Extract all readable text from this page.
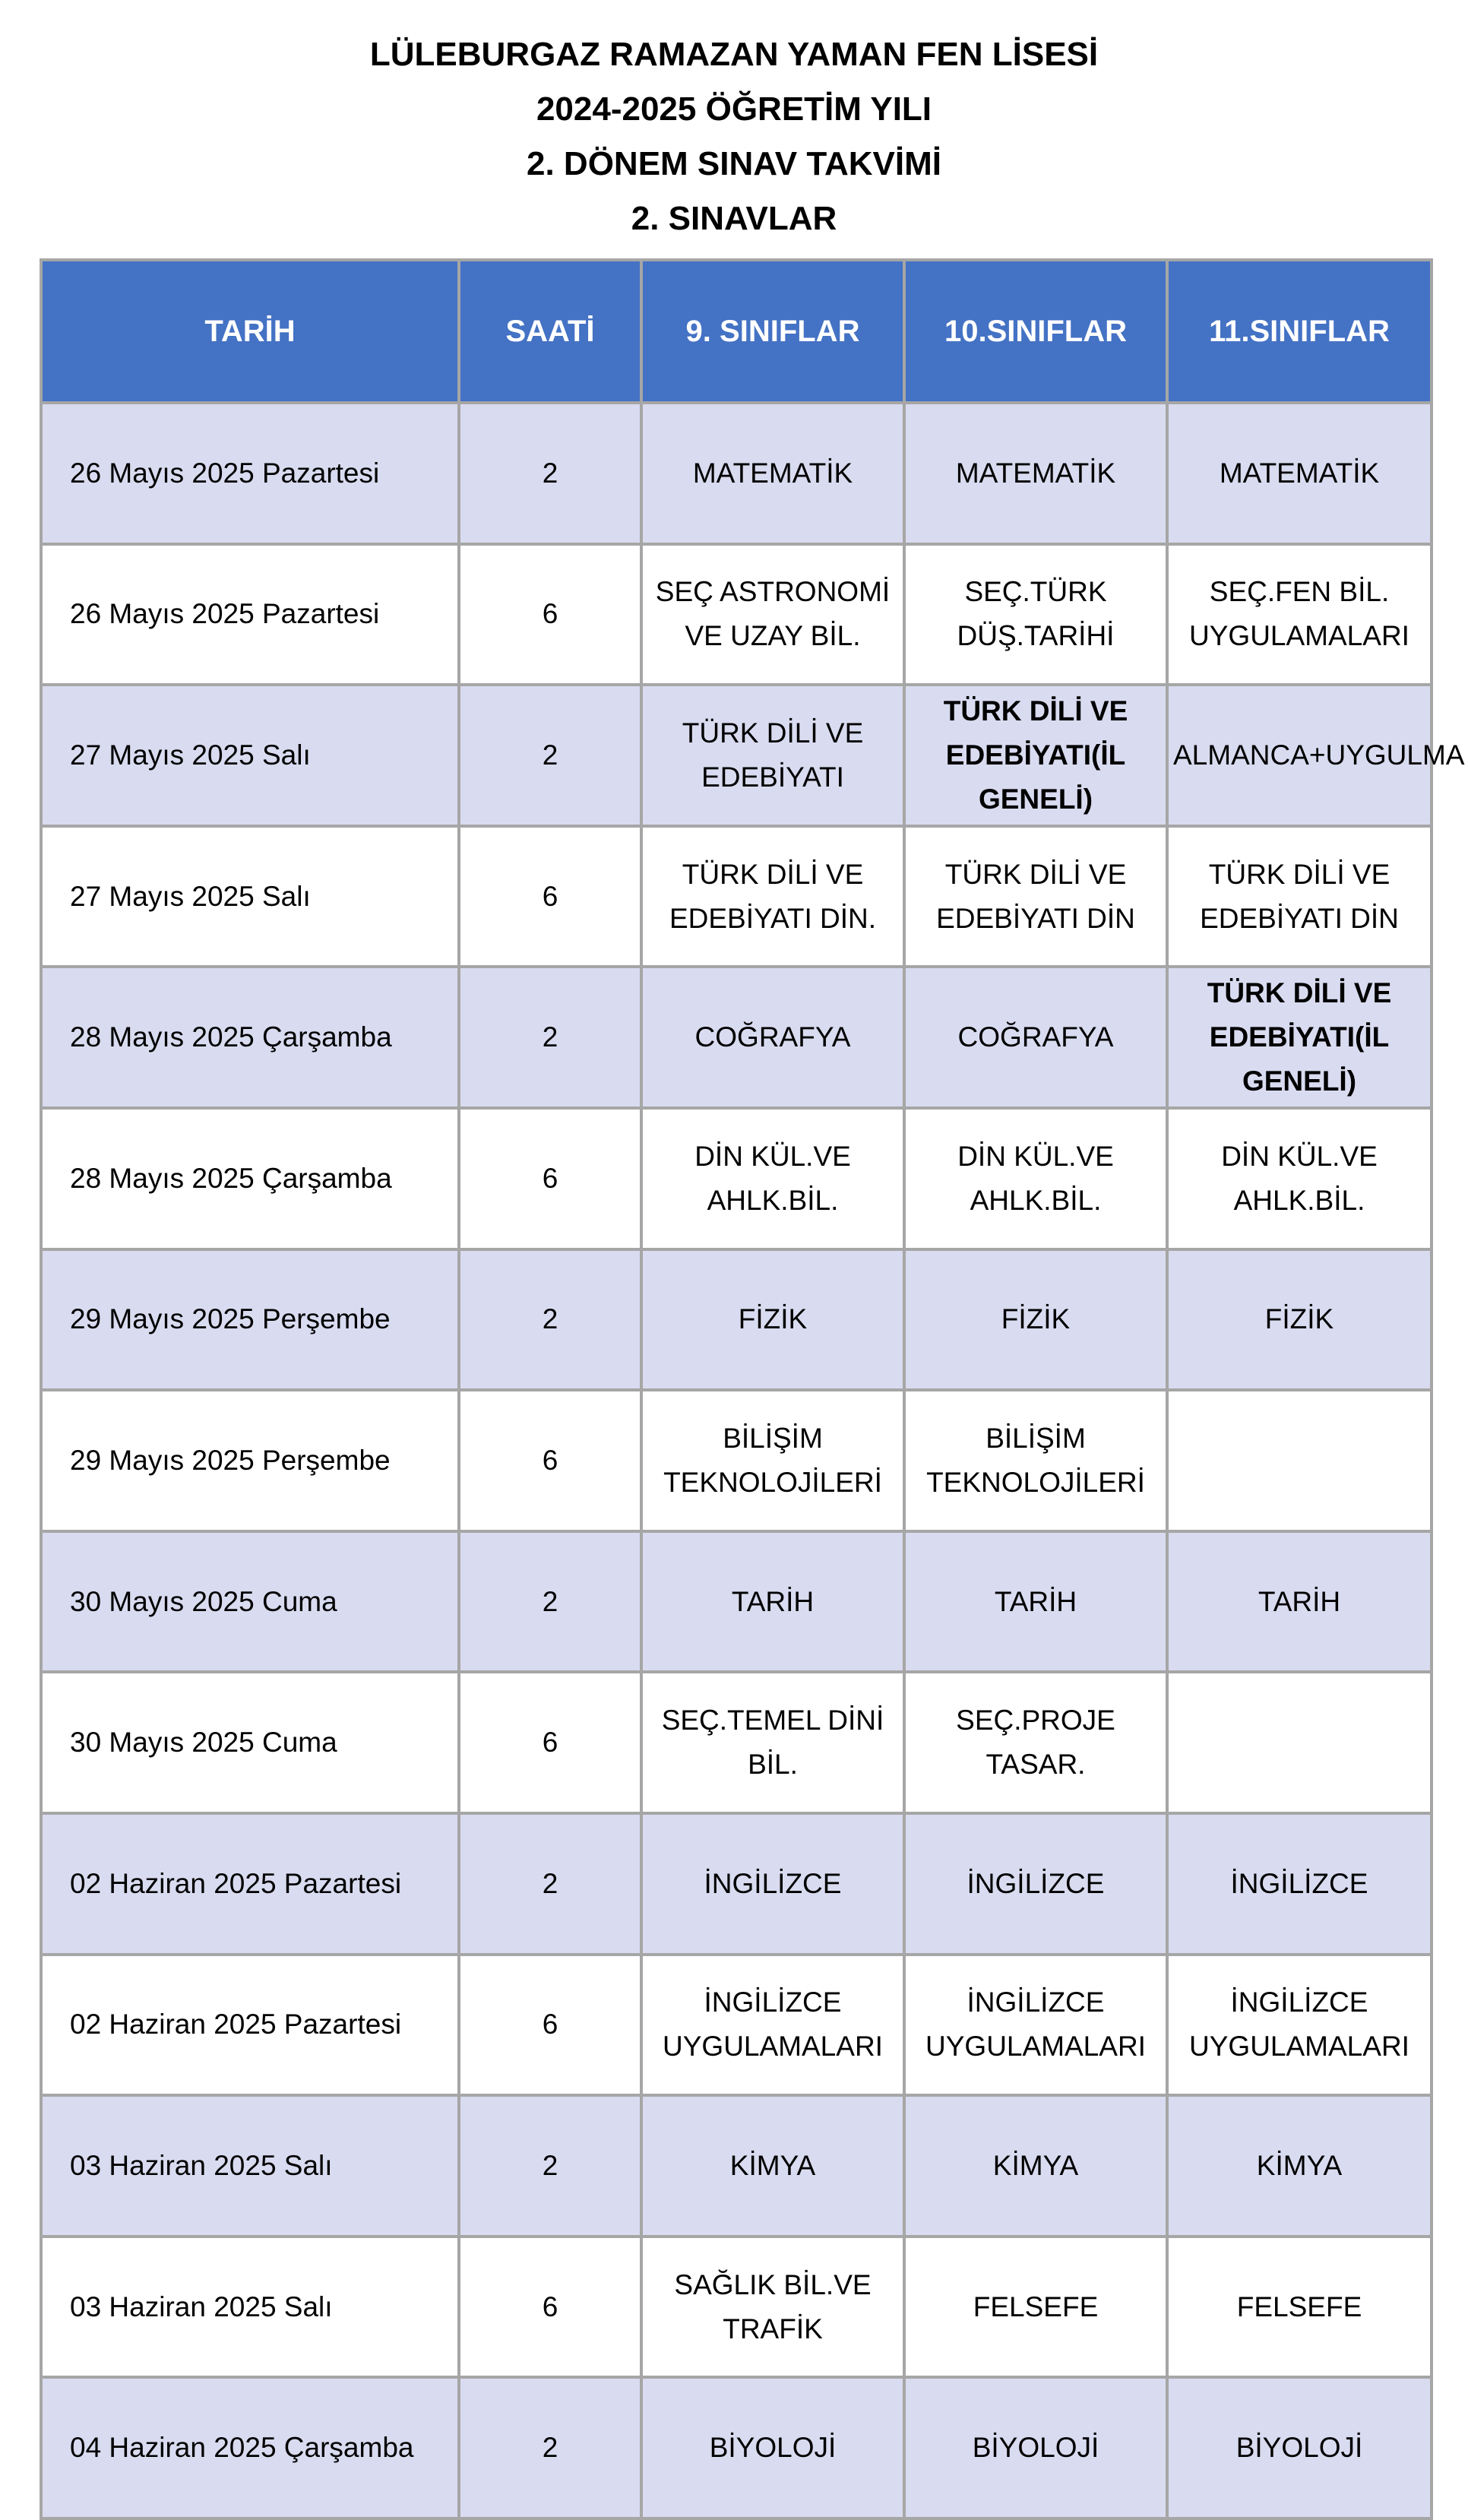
LÜLEBURGAZ RAMAZAN YAMAN FEN LİSESİ
2024-2025 ÖĞRETİM YILI
2. DÖNEM SINAV TAKVİMİ
2. SINAVLAR
TARİH	SAATİ	9. SINIFLAR	10.SINIFLAR	11.SINIFLAR
26 Mayıs 2025 Pazartesi	2	MATEMATİK	MATEMATİK	MATEMATİK
26 Mayıs 2025 Pazartesi	6	SEÇ ASTRONOMİ VE UZAY BİL.	SEÇ.TÜRK DÜŞ.TARİHİ	SEÇ.FEN BİL. UYGULAMALARI
27 Mayıs 2025 Salı	2	TÜRK DİLİ VE EDEBİYATI	TÜRK DİLİ VE EDEBİYATI(İL GENELİ)	ALMANCA+UYGULMA
27 Mayıs 2025 Salı	6	TÜRK DİLİ VE EDEBİYATI DİN.	TÜRK DİLİ VE EDEBİYATI DİN	TÜRK DİLİ VE EDEBİYATI DİN
28 Mayıs 2025 Çarşamba	2	COĞRAFYA	COĞRAFYA	TÜRK DİLİ VE EDEBİYATI(İL GENELİ)
28 Mayıs 2025 Çarşamba	6	DİN KÜL.VE AHLK.BİL.	DİN KÜL.VE AHLK.BİL.	DİN KÜL.VE AHLK.BİL.
29 Mayıs 2025 Perşembe	2	FİZİK	FİZİK	FİZİK
29 Mayıs 2025 Perşembe	6	BİLİŞİM TEKNOLOJİLERİ	BİLİŞİM TEKNOLOJİLERİ	
30 Mayıs 2025 Cuma	2	TARİH	TARİH	TARİH
30 Mayıs 2025 Cuma	6	SEÇ.TEMEL DİNİ BİL.	SEÇ.PROJE TASAR.	
02 Haziran 2025 Pazartesi	2	İNGİLİZCE	İNGİLİZCE	İNGİLİZCE
02 Haziran 2025 Pazartesi	6	İNGİLİZCE UYGULAMALARI	İNGİLİZCE UYGULAMALARI	İNGİLİZCE UYGULAMALARI
03 Haziran 2025 Salı	2	KİMYA	KİMYA	KİMYA
03 Haziran 2025 Salı	6	SAĞLIK BİL.VE TRAFİK	FELSEFE	FELSEFE
04 Haziran 2025 Çarşamba	2	BİYOLOJİ	BİYOLOJİ	BİYOLOJİ
